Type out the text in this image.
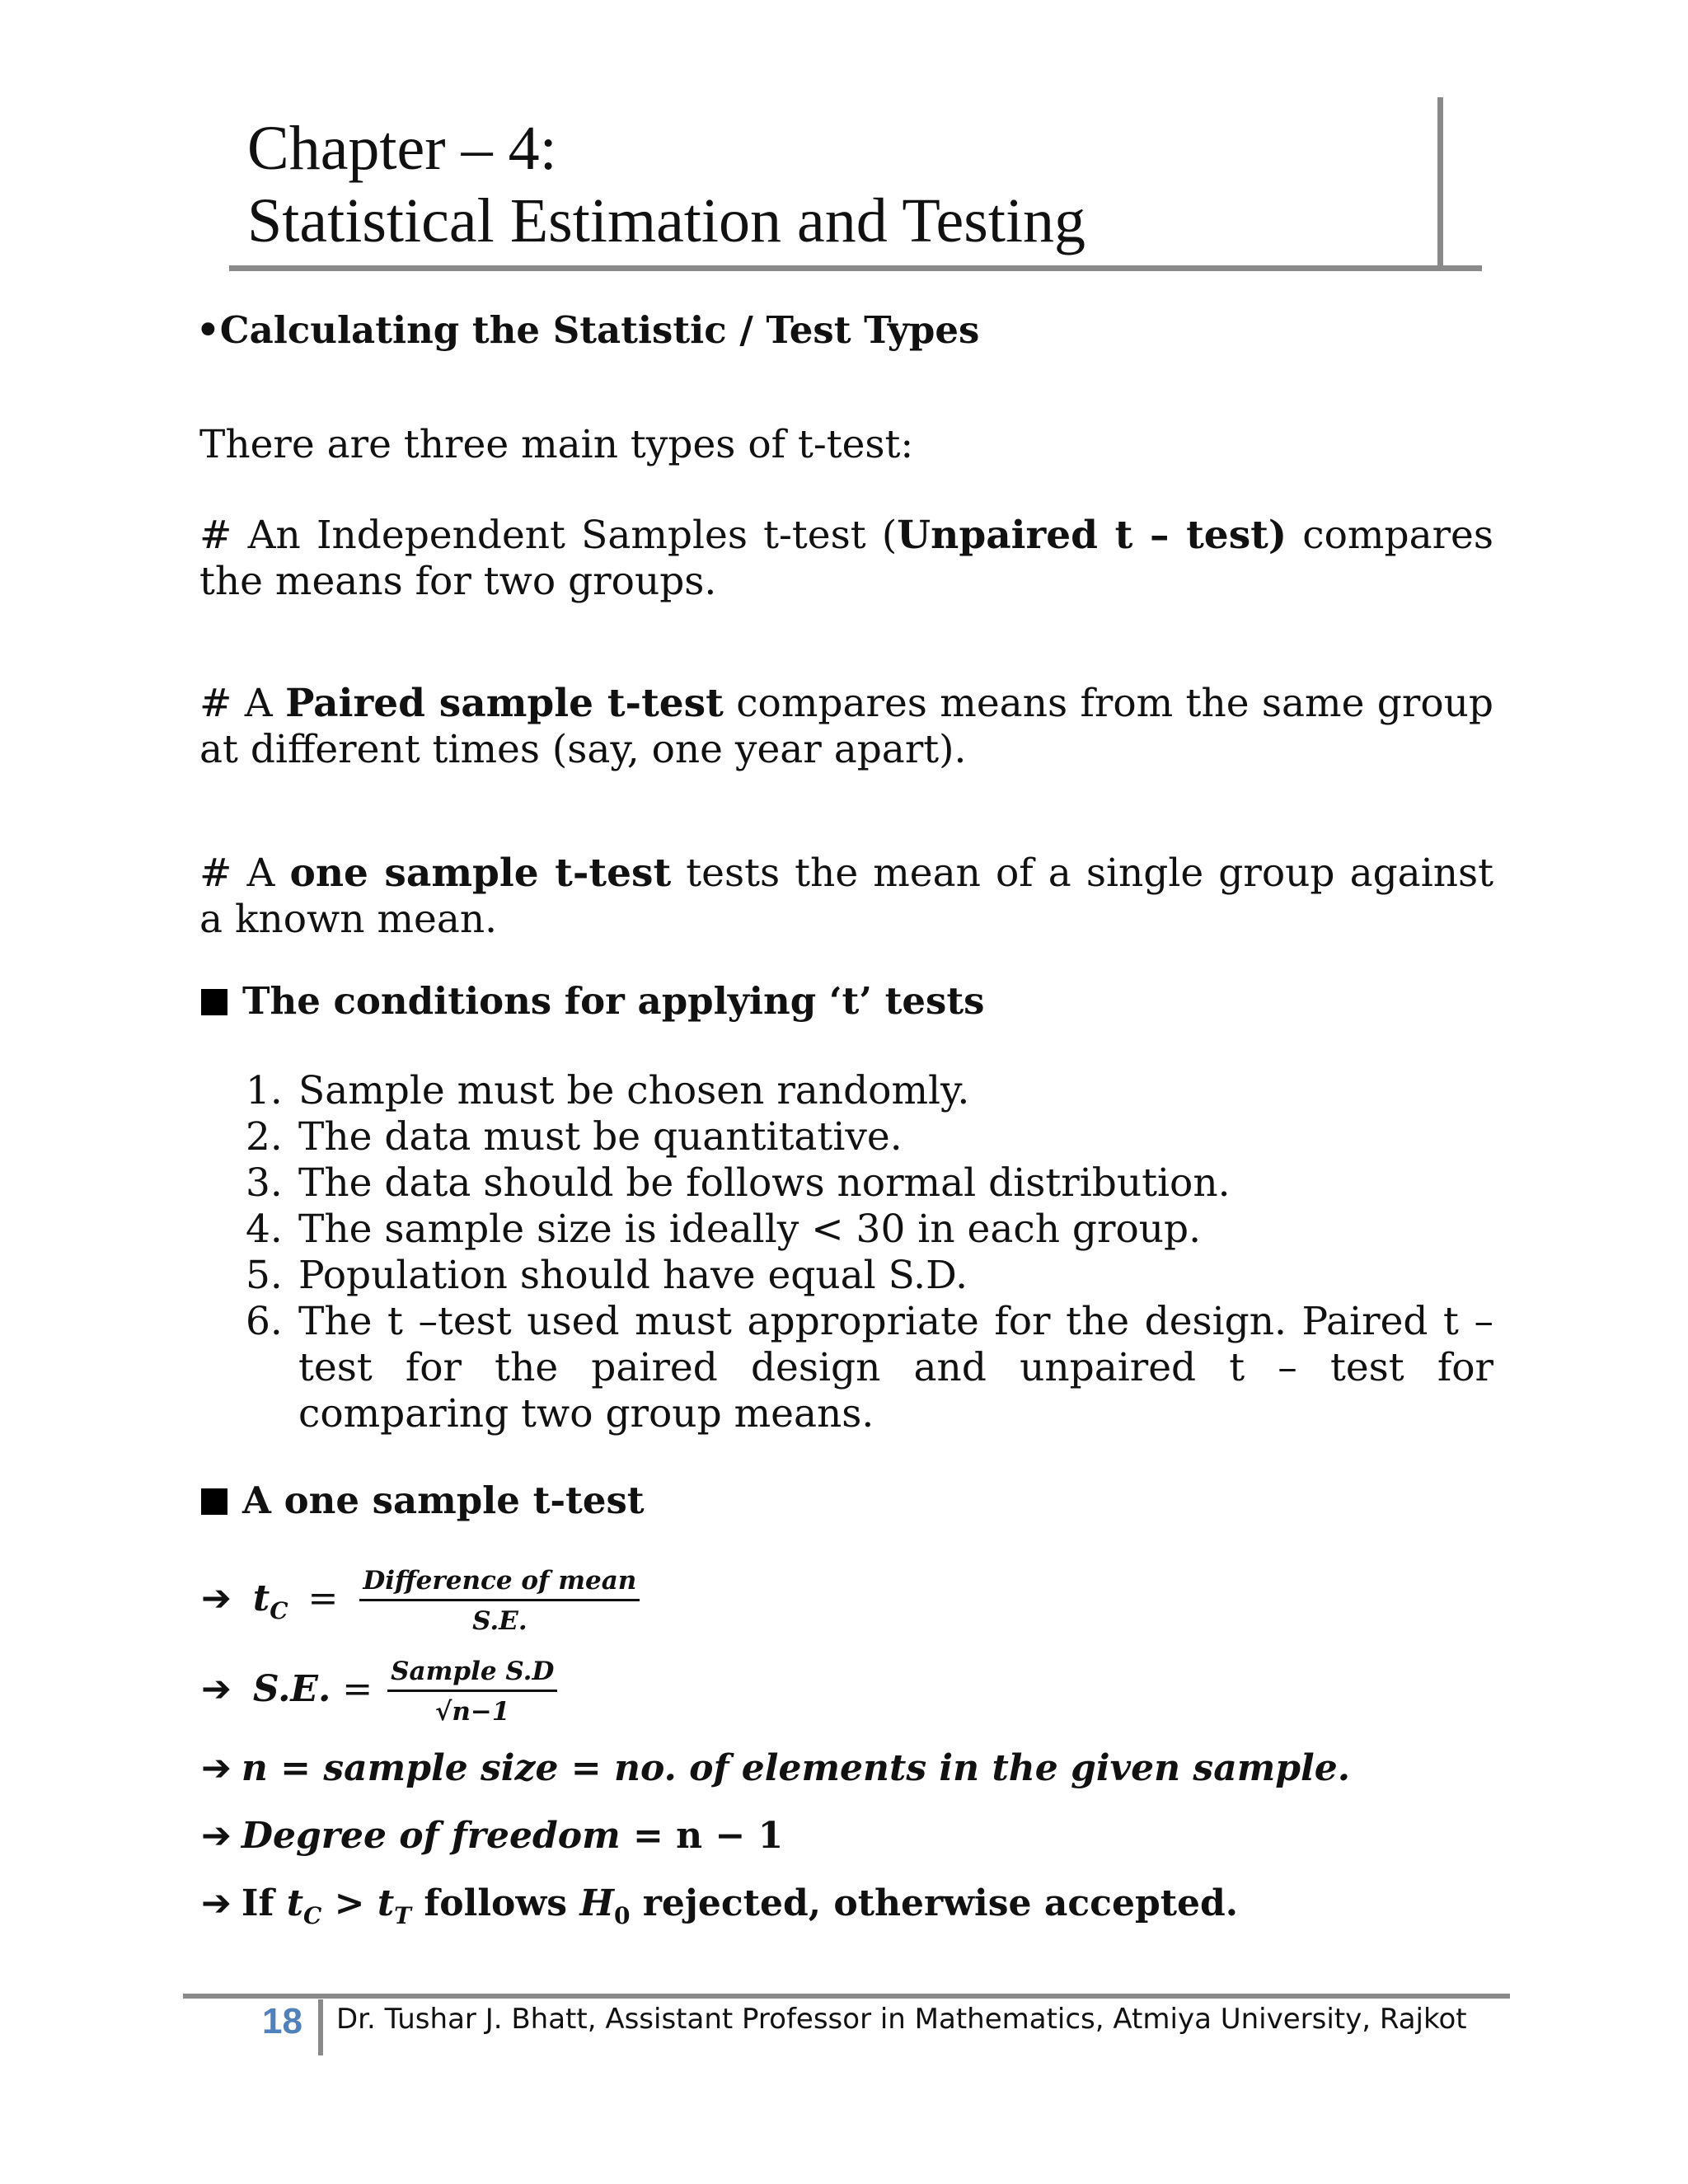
Chapter – 4:
Statistical Estimation and Testing
•Calculating the Statistic / Test Types
There are three main types of t-test:
# An Independent Samples t-test (Unpaired t – test) compares the means for two groups.
# A Paired sample t-test compares means from the same group at different times (say, one year apart).
# A one sample t-test tests the mean of a single group against a known mean.
The conditions for applying ‘t’ tests
1. Sample must be chosen randomly.
2. The data must be quantitative.
3. The data should be follows normal distribution.
4. The sample size is ideally < 30 in each group.
5. Population should have equal S.D.
6. The t –test used must appropriate for the design. Paired t – test for the paired design and unpaired t – test for comparing two group means.
A one sample t-test
➔ $t_C = \frac{\text{Difference of mean}}{S.E.}$
➔ S.E. = $\frac{\text{Sample S.D}}{√n-1}$
➔ n = sample size = no. of elements in the given sample.
➔ Degree of freedom = n − 1
➔ If $t_C > t_T$ follows $H_0$ rejected, otherwise accepted.
18 Dr. Tushar J. Bhatt, Assistant Professor in Mathematics, Atmiya University, Rajkot
